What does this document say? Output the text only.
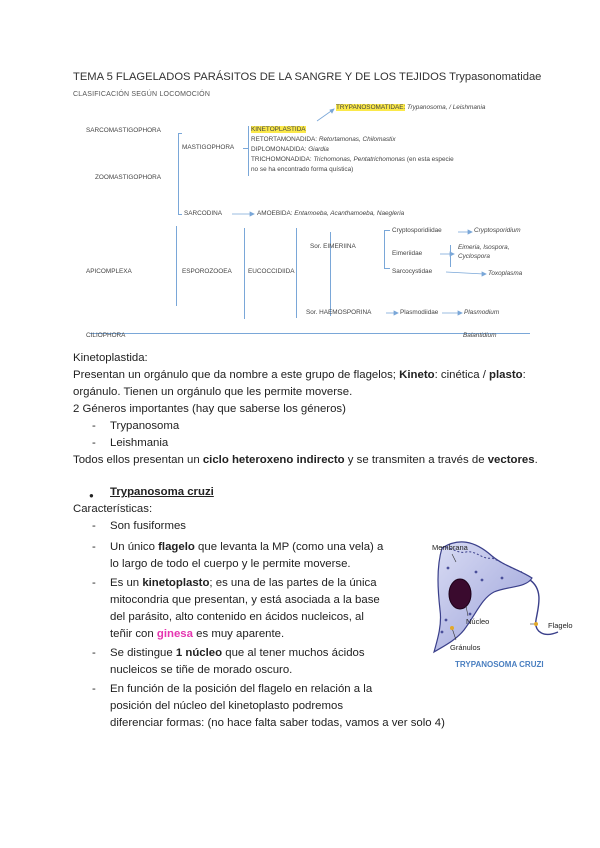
TEMA 5 FLAGELADOS PARÁSITOS DE LA SANGRE Y DE LOS TEJIDOS Trypasonomatidae
CLASIFICACIÓN SEGÚN LOCOMOCIÓN
SARCOMASTIGOPHORA
ZOOMASTIGOPHORA
MASTIGOPHORA
TRYPANOSOMATIDAE: Trypanosoma, / Leishmania
KINETOPLASTIDA
RETORTAMONADIDA: Retortamonas, Chilomastix
DIPLOMONADIDA: Giardia
TRICHOMONADIDA: Trichomonas, Pentatrichomonas (en esta especie
no se ha encontrado forma quística)
SARCODINA	AMOEBIDA: Entamoeba, Acanthamoeba, Naegleria
APICOMPLEXA	ESPOROZOOEA	EUCOCCIDIIDA
Sor. EIMERIINA
Cryptosporidiidae	Cryptosporidium
Eimeriidae
Eimeria, Isospora,
Cyclospora
Sarcocystidae	Toxoplasma
Sor. HAEMOSPORINA	Plasmodiidae	Plasmodium
CILIOPHORA	Balantidium
Kinetoplastida:
Presentan un orgánulo que da nombre a este grupo de flagelos; Kineto: cinética / plasto:
orgánulo. Tienen un orgánulo que les permite moverse.
2 Géneros importantes (hay que saberse los géneros)
- Trypanosoma
- Leishmania
Todos ellos presentan un ciclo heteroxeno indirecto y se transmiten a través de vectores.
● Trypanosoma cruzi
Características:
- Son fusiformes
- Un único flagelo que levanta la MP (como una vela) a
lo largo de todo el cuerpo y le permite moverse.
- Es un kinetoplasto; es una de las partes de la única
mitocondria que presentan, y está asociada a la base
del parásito, alto contenido en ácidos nucleicos, al
teñir con ginesa es muy aparente.
- Se distingue 1 núcleo que al tener muchos ácidos
nucleicos se tiñe de morado oscuro.
- En función de la posición del flagelo en relación a la
posición del núcleo del kinetoplasto podremos
diferenciar formas: (no hace falta saber todas, vamos a ver solo 4)
Membrana
Núcleo	Flagelo
Gránulos
TRYPANOSOMA CRUZI
